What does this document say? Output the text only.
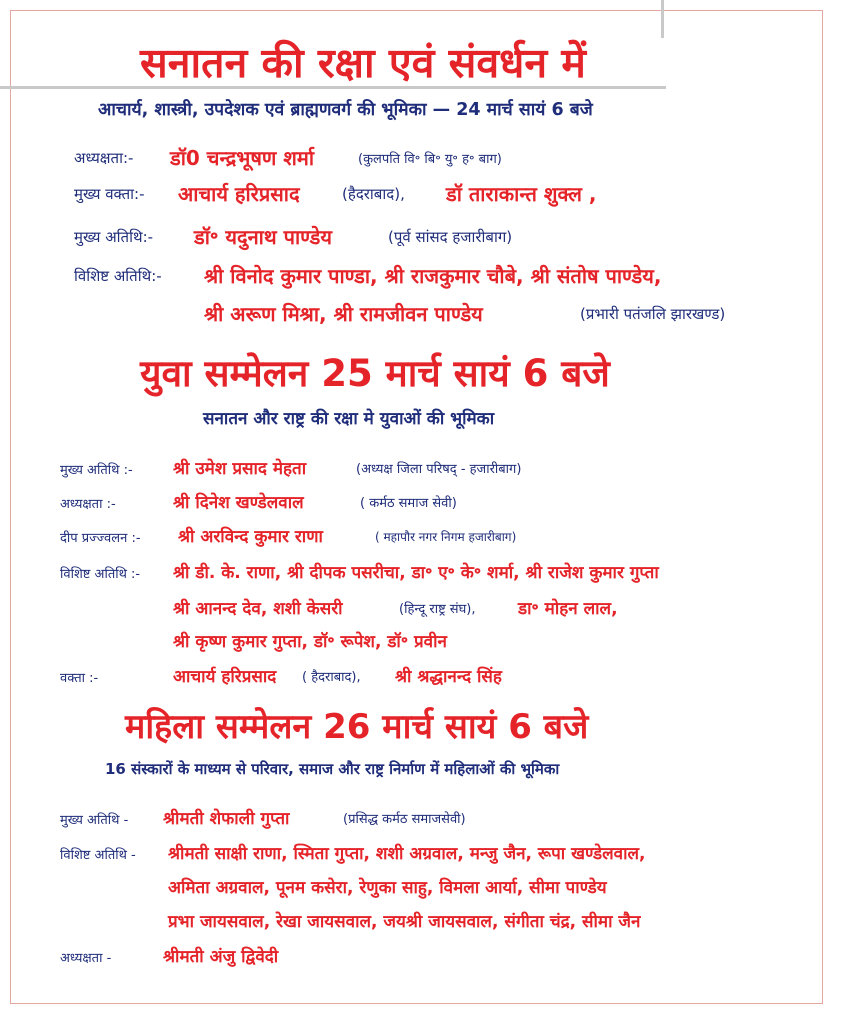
सनातन की रक्षा एवं संवर्धन में
आचार्य, शास्त्री, उपदेशक एवं ब्राह्मणवर्ग की भूमिका — 24 मार्च सायं 6 बजे
अध्यक्षता:- डॉ0 चन्द्रभूषण शर्मा	(कुलपति वि॰ बि॰ यु॰ ह॰ बाग)
मुख्य वक्ता:- आचार्य हरिप्रसाद	(हैदराबाद), डॉ ताराकान्त शुक्ल ,
मुख्य अतिथि:- डॉ॰ यदुनाथ पाण्डेय	(पूर्व सांसद हजारीबाग)
विशिष्ट अतिथि:- श्री विनोद कुमार पाण्डा, श्री राजकुमार चौबे, श्री संतोष पाण्डेय,
श्री अरूण मिश्रा, श्री रामजीवन पाण्डेय	(प्रभारी पतंजलि झारखण्ड)
युवा सम्मेलन 25 मार्च सायं 6 बजे
सनातन और राष्ट्र की रक्षा मे युवाओं की भूमिका
मुख्य अतिथि :- श्री उमेश प्रसाद मेहता	(अध्यक्ष जिला परिषद् - हजारीबाग)
अध्यक्षता :-	श्री दिनेश खण्डेलवाल	( कर्मठ समाज सेवी)
दीप प्रज्ज्वलन :- श्री अरविन्द कुमार राणा	( महापौर नगर निगम हजारीबाग)
विशिष्ट अतिथि :- श्री डी. के. राणा, श्री दीपक पसरीचा, डा॰ ए॰ के॰ शर्मा, श्री राजेश कुमार गुप्ता
श्री आनन्द देव, शशी केसरी	(हिन्दू राष्ट्र संघ),	डा॰ मोहन लाल,
श्री कृष्ण कुमार गुप्ता, डॉ॰ रूपेश, डॉ॰ प्रवीन
वक्ता :-	आचार्य हरिप्रसाद ( हैदराबाद), श्री श्रद्धानन्द सिंह
महिला सम्मेलन 26 मार्च सायं 6 बजे
16 संस्कारों के माध्यम से परिवार, समाज और राष्ट्र निर्माण में महिलाओं की भूमिका
मुख्य अतिथि - श्रीमती शेफाली गुप्ता	(प्रसिद्ध कर्मठ समाजसेवी)
विशिष्ट अतिथि - श्रीमती साक्षी राणा, स्मिता गुप्ता, शशी अग्रवाल, मन्जु जैन, रूपा खण्डेलवाल,
अमिता अग्रवाल, पूनम कसेरा, रेणुका साहु, विमला आर्या, सीमा पाण्डेय
प्रभा जायसवाल, रेखा जायसवाल, जयश्री जायसवाल, संगीता चंद्र, सीमा जैन
अध्यक्षता -	श्रीमती अंजु द्विवेदी
